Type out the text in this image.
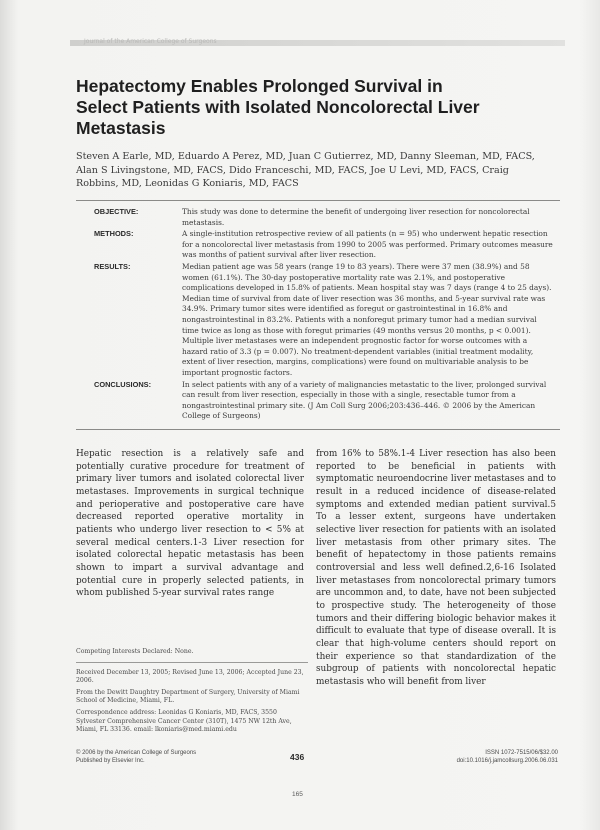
Journal of the American College of Surgeons
Hepatectomy Enables Prolonged Survival in Select Patients with Isolated Noncolorectal Liver Metastasis
Steven A Earle, MD, Eduardo A Perez, MD, Juan C Gutierrez, MD, Danny Sleeman, MD, FACS, Alan S Livingstone, MD, FACS, Dido Franceschi, MD, FACS, Joe U Levi, MD, FACS, Craig Robbins, MD, Leonidas G Koniaris, MD, FACS
OBJECTIVE:	This study was done to determine the benefit of undergoing liver resection for noncolorectal metastasis.
METHODS:	A single-institution retrospective review of all patients (n = 95) who underwent hepatic resection for a noncolorectal liver metastasis from 1990 to 2005 was performed. Primary outcomes measure was months of patient survival after liver resection.
RESULTS:	Median patient age was 58 years (range 19 to 83 years). There were 37 men (38.9%) and 58 women (61.1%). The 30-day postoperative mortality rate was 2.1%, and postoperative complications developed in 15.8% of patients. Mean hospital stay was 7 days (range 4 to 25 days). Median time of survival from date of liver resection was 36 months, and 5-year survival rate was 34.9%. Primary tumor sites were identified as foregut or gastrointestinal in 16.8% and nongastrointestinal in 83.2%. Patients with a nonforegut primary tumor had a median survival time twice as long as those with foregut primaries (49 months versus 20 months, p < 0.001). Multiple liver metastases were an independent prognostic factor for worse outcomes with a hazard ratio of 3.3 (p = 0.007). No treatment-dependent variables (initial treatment modality, extent of liver resection, margins, complications) were found on multivariable analysis to be important prognostic factors.
CONCLUSIONS:	In select patients with any of a variety of malignancies metastatic to the liver, prolonged survival can result from liver resection, especially in those with a single, resectable tumor from a nongastrointestinal primary site. (J Am Coll Surg 2006;203:436–446. © 2006 by the American College of Surgeons)
Hepatic resection is a relatively safe and potentially curative procedure for treatment of primary liver tumors and isolated colorectal liver metastases. Improvements in surgical technique and perioperative and postoperative care have decreased reported operative mortality in patients who undergo liver resection to < 5% at several medical centers.1-3 Liver resection for isolated colorectal hepatic metastasis has been shown to impart a survival advantage and potential cure in properly selected patients, in whom published 5-year survival rates range
from 16% to 58%.1-4 Liver resection has also been reported to be beneficial in patients with symptomatic neuroendocrine liver metastases and to result in a reduced incidence of disease-related symptoms and extended median patient survival.5 To a lesser extent, surgeons have undertaken selective liver resection for patients with an isolated liver metastasis from other primary sites. The benefit of hepatectomy in those patients remains controversial and less well defined.2,6-16 Isolated liver metastases from noncolorectal primary tumors are uncommon and, to date, have not been subjected to prospective study. The heterogeneity of those tumors and their differing biologic behavior makes it difficult to evaluate that type of disease overall. It is clear that high-volume centers should report on their experience so that standardization of the subgroup of patients with noncolorectal hepatic metastasis who will benefit from liver

Competing Interests Declared: None.

Received December 13, 2005; Revised June 13, 2006; Accepted June 23, 2006.

From the Dewitt Daughtry Department of Surgery, University of Miami School of Medicine, Miami, FL.

Correspondence address: Leonidas G Koniaris, MD, FACS, 3550 Sylvester Comprehensive Cancer Center (310T), 1475 NW 12th Ave, Miami, FL 33136. email: lkoniaris@med.miami.edu

© 2006 by the American College of Surgeons
Published by Elsevier Inc.	436	ISSN 1072-7515/06/$32.00
doi:10.1016/j.jamcollsurg.2006.06.031
165
